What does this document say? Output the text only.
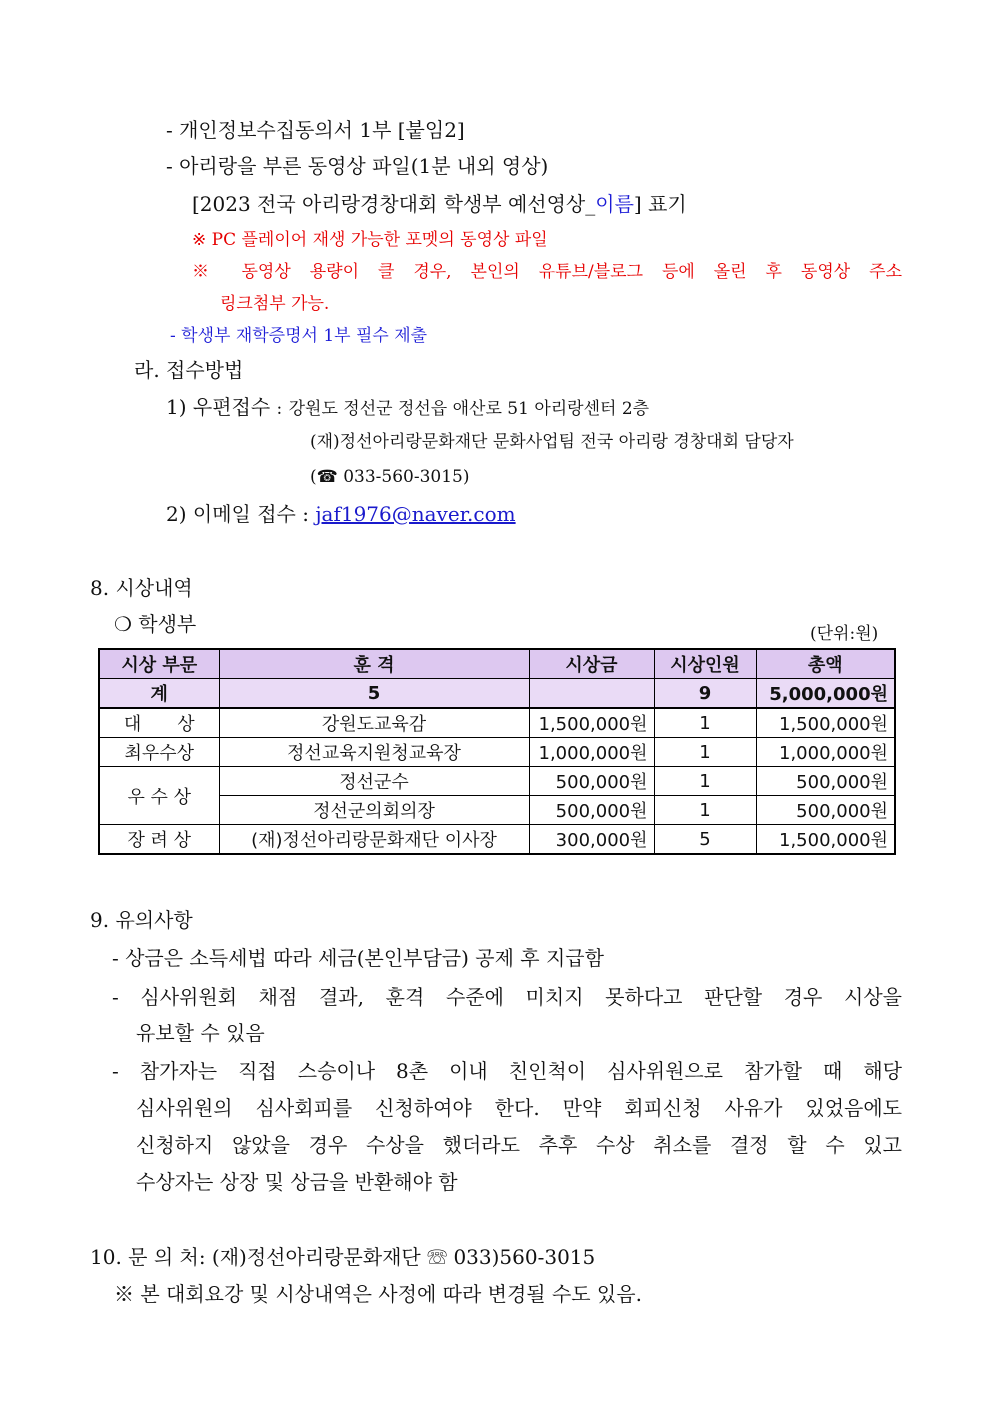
- 개인정보수집동의서 1부 [붙임2]
- 아리랑을 부른 동영상 파일(1분 내외 영상)
[2023 전국 아리랑경창대회 학생부 예선영상_이름] 표기
※ PC 플레이어 재생 가능한 포멧의 동영상 파일
※ 동영상 용량이 클 경우, 본인의 유튜브/블로그 등에 올린 후 동영상 주소
링크첨부 가능.
- 학생부 재학증명서 1부 필수 제출
라. 접수방법
1) 우편접수 : 강원도 정선군 정선읍 애산로 51 아리랑센터 2층
(재)정선아리랑문화재단 문화사업팀 전국 아리랑 경창대회 담당자
(☎ 033-560-3015)
2) 이메일 접수 : jaf1976@naver.com
8. 시상내역
❍ 학생부	(단위:원)
시상 부문	훈 격	시상금	시상인원	총액
계	5		9	5,000,000원
대　　상	강원도교육감	1,500,000원	1	1,500,000원
최우수상	정선교육지원청교육장	1,000,000원	1	1,000,000원
우 수 상	정선군수	500,000원	1	500,000원
	정선군의회의장	500,000원	1	500,000원
장 려 상	(재)정선아리랑문화재단 이사장	300,000원	5	1,500,000원
9. 유의사항
- 상금은 소득세법 따라 세금(본인부담금) 공제 후 지급함
- 심사위원회 채점 결과, 훈격 수준에 미치지 못하다고 판단할 경우 시상을
유보할 수 있음
- 참가자는 직접 스승이나 8촌 이내 친인척이 심사위원으로 참가할 때 해당
심사위원의 심사회피를 신청하여야 한다. 만약 회피신청 사유가 있었음에도
신청하지 않았을 경우 수상을 했더라도 추후 수상 취소를 결정 할 수 있고
수상자는 상장 및 상금을 반환해야 함
10. 문 의 처: (재)정선아리랑문화재단 ☏ 033)560-3015
※ 본 대회요강 및 시상내역은 사정에 따라 변경될 수도 있음.
